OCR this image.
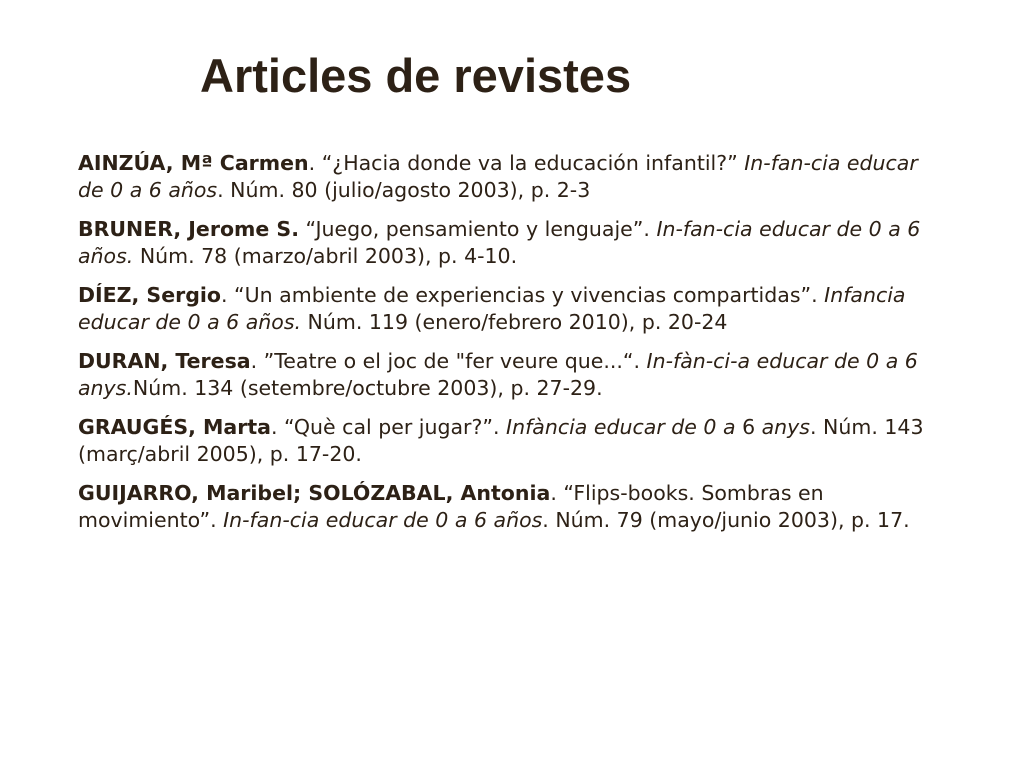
Articles de revistes
AINZÚA, Mª Carmen. “¿Hacia donde va la educación infantil?” In-fan-cia educar de 0 a 6 años. Núm. 80 (julio/agosto 2003), p. 2-3
BRUNER, Jerome S. “Juego, pensamiento y lenguaje”. In-fan-cia educar de 0 a 6 años. Núm. 78 (marzo/abril 2003), p. 4-10.
DÍEZ, Sergio. “Un ambiente de experiencias y vivencias compartidas”. Infancia educar de 0 a 6 años. Núm. 119 (enero/febrero 2010), p. 20-24
DURAN, Teresa. ”Teatre o el joc de "fer veure que...“. In-fàn-ci-a educar de 0 a 6 anys.Núm. 134 (setembre/octubre 2003), p. 27-29.
GRAUGÉS, Marta. “Què cal per jugar?”. Infància educar de 0 a 6 anys. Núm. 143 (març/abril 2005), p. 17-20.
GUIJARRO, Maribel; SOLÓZABAL, Antonia. “Flips-books. Sombras en movimiento”. In-fan-cia educar de 0 a 6 años. Núm. 79 (mayo/junio 2003), p. 17.
